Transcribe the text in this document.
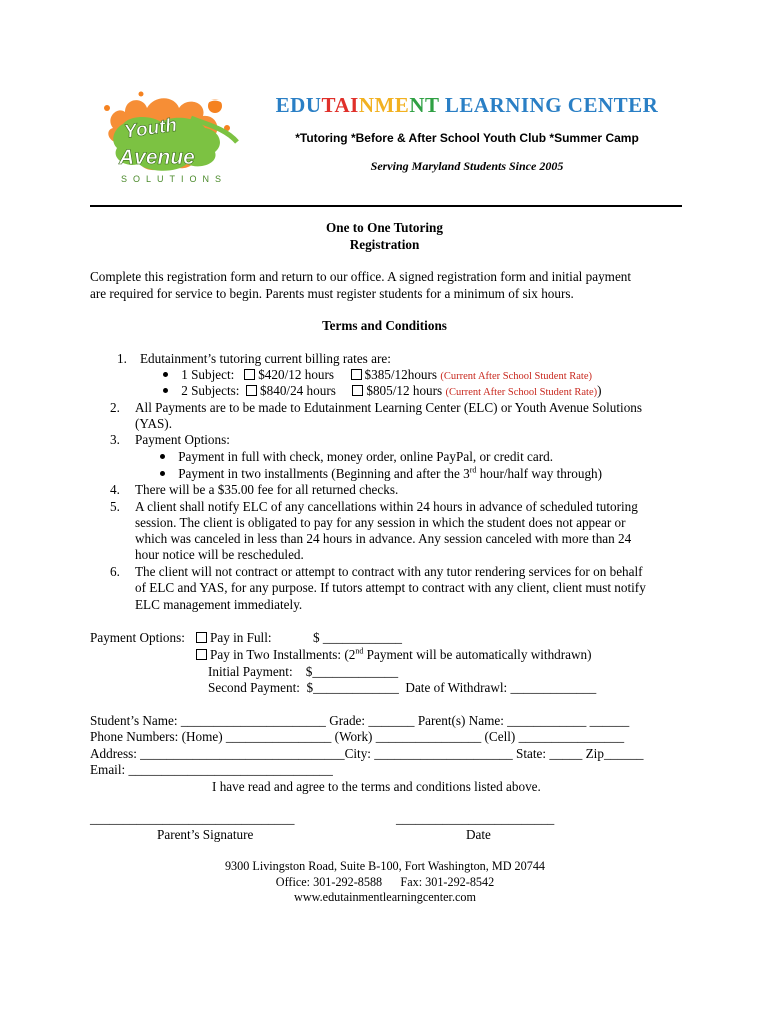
Youth
Avenue
SOLUTIONS
EDUTAINMENT LEARNING CENTER
*Tutoring *Before & After School Youth Club *Summer Camp
Serving Maryland Students Since 2005
One to One Tutoring
Registration
Complete this registration form and return to our office. A signed registration form and initial payment
are required for service to begin. Parents must register students for a minimum of six hours.
Terms and Conditions
1. Edutainment’s tutoring current billing rates are:
1 Subject: $420/12 hours $385/12hours (Current After School Student Rate)
2 Subjects: $840/24 hours $805/12 hours (Current After School Student Rate))
2. All Payments are to be made to Edutainment Learning Center (ELC) or Youth Avenue Solutions
(YAS).
3. Payment Options:
Payment in full with check, money order, online PayPal, or credit card.
Payment in two installments (Beginning and after the 3rd hour/half way through)
4. There will be a $35.00 fee for all returned checks.
5. A client shall notify ELC of any cancellations within 24 hours in advance of scheduled tutoring
session. The client is obligated to pay for any session in which the student does not appear or
which was canceled in less than 24 hours in advance. Any session canceled with more than 24
hour notice will be rescheduled.
6. The client will not contract or attempt to contract with any tutor rendering services for on behalf
of ELC and YAS, for any purpose. If tutors attempt to contract with any client, client must notify
ELC management immediately.
Payment Options:	Pay in Full:	$ ____________
Pay in Two Installments: (2nd Payment will be automatically withdrawn)
Initial Payment:    $_____________
Second Payment:  $_____________  Date of Withdrawl: _____________
Student’s Name: ______________________ Grade: _______ Parent(s) Name: ____________ ______
Phone Numbers: (Home) ________________ (Work) ________________ (Cell) ________________
Address: _______________________________City: _____________________ State: _____ Zip______
Email: _______________________________
I have read and agree to the terms and conditions listed above.
_______________________________	________________________
Parent’s Signature	Date
9300 Livingston Road, Suite B-100, Fort Washington, MD 20744
Office: 301-292-8588      Fax: 301-292-8542
www.edutainmentlearningcenter.com
